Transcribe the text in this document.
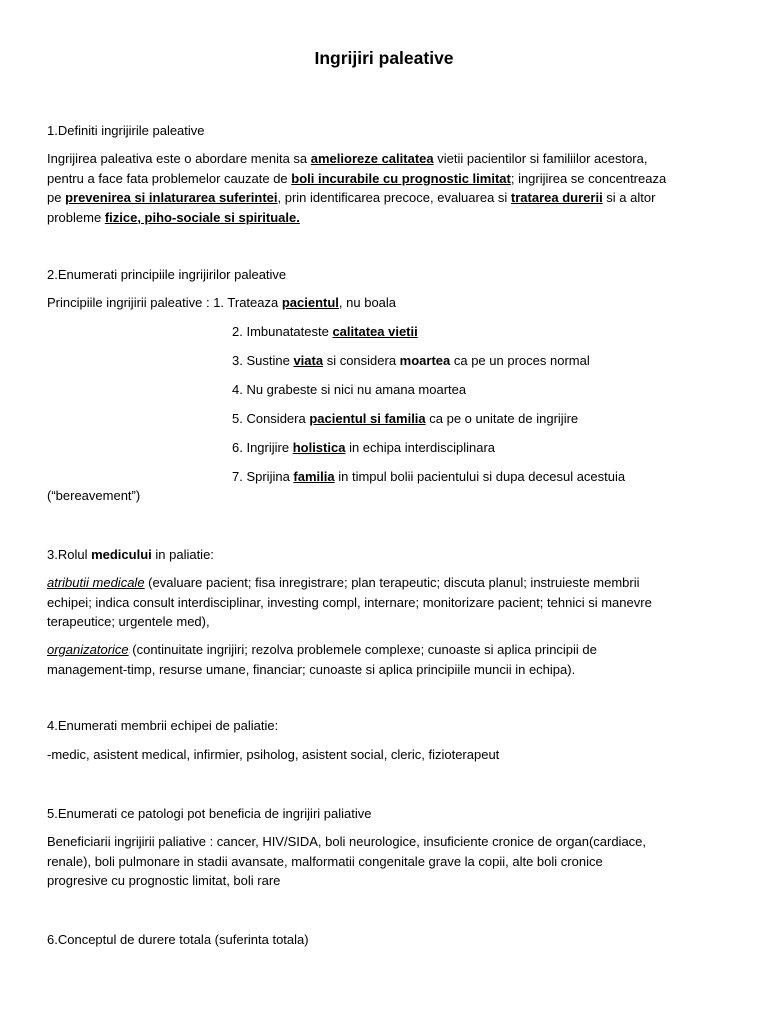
Ingrijiri paleative
1.Definiti ingrijirile paleative
Ingrijirea paleativa este o abordare menita sa amelioreze calitatea vietii pacientilor si familiilor acestora,
pentru a face fata problemelor cauzate de boli incurabile cu prognostic limitat; ingrijirea se concentreaza
pe prevenirea si inlaturarea suferintei, prin identificarea precoce, evaluarea si tratarea durerii si a altor
probleme fizice, piho-sociale si spirituale.
2.Enumerati principiile ingrijirilor paleative
Principiile ingrijirii paleative : 1. Trateaza pacientul, nu boala
2. Imbunatateste calitatea vietii
3. Sustine viata si considera moartea ca pe un proces normal
4. Nu grabeste si nici nu amana moartea
5. Considera pacientul si familia ca pe o unitate de ingrijire
6. Ingrijire holistica in echipa interdisciplinara
7. Sprijina familia in timpul bolii pacientului si dupa decesul acestuia
(“bereavement”)
3.Rolul medicului in paliatie:
atributii medicale (evaluare pacient; fisa inregistrare; plan terapeutic; discuta planul; instruieste membrii
echipei; indica consult interdisciplinar, investing compl, internare; monitorizare pacient; tehnici si manevre
terapeutice; urgentele med),
organizatorice (continuitate ingrijiri; rezolva problemele complexe; cunoaste si aplica principii de
management-timp, resurse umane, financiar; cunoaste si aplica principiile muncii in echipa).
4.Enumerati membrii echipei de paliatie:
-medic, asistent medical, infirmier, psiholog, asistent social, cleric, fizioterapeut
5.Enumerati ce patologi pot beneficia de ingrijiri paliative
Beneficiarii ingrijirii paliative : cancer, HIV/SIDA, boli neurologice, insuficiente cronice de organ(cardiace,
renale), boli pulmonare in stadii avansate, malformatii congenitale grave la copii, alte boli cronice
progresive cu prognostic limitat, boli rare
6.Conceptul de durere totala (suferinta totala)
